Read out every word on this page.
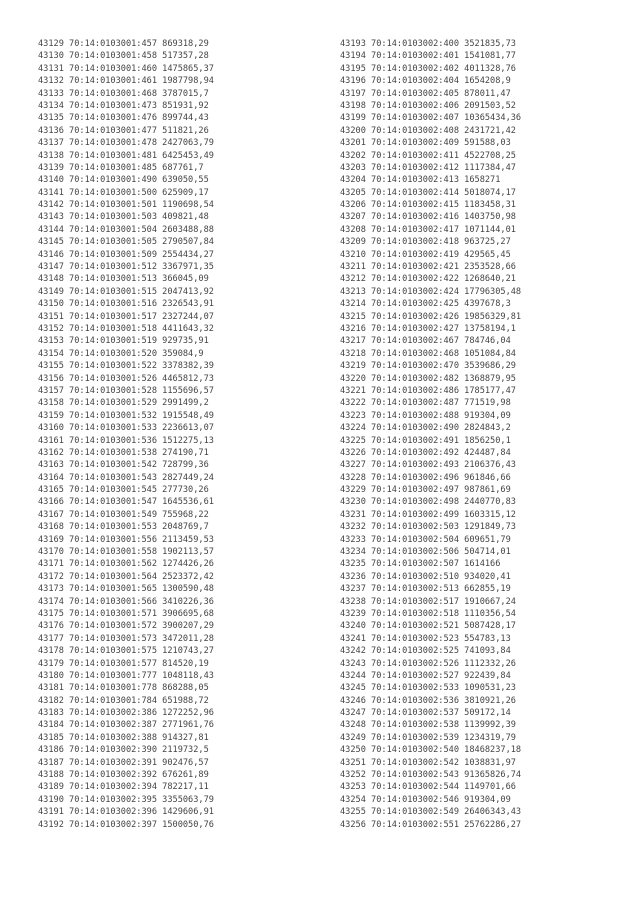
43129 70:14:0103001:457 869318,29
43130 70:14:0103001:458 517357,28
43131 70:14:0103001:460 1475865,37
43132 70:14:0103001:461 1987798,94
43133 70:14:0103001:468 3787015,7
43134 70:14:0103001:473 851931,92
43135 70:14:0103001:476 899744,43
43136 70:14:0103001:477 511821,26
43137 70:14:0103001:478 2427063,79
43138 70:14:0103001:481 6425453,49
43139 70:14:0103001:485 687761,7
43140 70:14:0103001:490 639050,55
43141 70:14:0103001:500 625909,17
43142 70:14:0103001:501 1190698,54
43143 70:14:0103001:503 409821,48
43144 70:14:0103001:504 2603488,88
43145 70:14:0103001:505 2790507,84
43146 70:14:0103001:509 2554434,27
43147 70:14:0103001:512 3367971,35
43148 70:14:0103001:513 366045,09
43149 70:14:0103001:515 2047413,92
43150 70:14:0103001:516 2326543,91
43151 70:14:0103001:517 2327244,07
43152 70:14:0103001:518 4411643,32
43153 70:14:0103001:519 929735,91
43154 70:14:0103001:520 359084,9
43155 70:14:0103001:522 3378382,39
43156 70:14:0103001:526 4465812,73
43157 70:14:0103001:528 1155696,57
43158 70:14:0103001:529 2991499,2
43159 70:14:0103001:532 1915548,49
43160 70:14:0103001:533 2236613,07
43161 70:14:0103001:536 1512275,13
43162 70:14:0103001:538 274190,71
43163 70:14:0103001:542 728799,36
43164 70:14:0103001:543 2827449,24
43165 70:14:0103001:545 277730,26
43166 70:14:0103001:547 1645536,61
43167 70:14:0103001:549 755968,22
43168 70:14:0103001:553 2048769,7
43169 70:14:0103001:556 2113459,53
43170 70:14:0103001:558 1902113,57
43171 70:14:0103001:562 1274426,26
43172 70:14:0103001:564 2523372,42
43173 70:14:0103001:565 1300590,48
43174 70:14:0103001:566 3410226,36
43175 70:14:0103001:571 3906695,68
43176 70:14:0103001:572 3900207,29
43177 70:14:0103001:573 3472011,28
43178 70:14:0103001:575 1210743,27
43179 70:14:0103001:577 814520,19
43180 70:14:0103001:777 1048118,43
43181 70:14:0103001:778 868288,05
43182 70:14:0103001:784 651988,72
43183 70:14:0103002:386 1272252,96
43184 70:14:0103002:387 2771961,76
43185 70:14:0103002:388 914327,81
43186 70:14:0103002:390 2119732,5
43187 70:14:0103002:391 902476,57
43188 70:14:0103002:392 676261,89
43189 70:14:0103002:394 782217,11
43190 70:14:0103002:395 3355063,79
43191 70:14:0103002:396 1429606,91
43192 70:14:0103002:397 1500050,76
43193 70:14:0103002:400 3521835,73
43194 70:14:0103002:401 1541081,77
43195 70:14:0103002:402 4011328,76
43196 70:14:0103002:404 1654208,9
43197 70:14:0103002:405 878011,47
43198 70:14:0103002:406 2091503,52
43199 70:14:0103002:407 10365434,36
43200 70:14:0103002:408 2431721,42
43201 70:14:0103002:409 591588,03
43202 70:14:0103002:411 4522708,25
43203 70:14:0103002:412 1117384,47
43204 70:14:0103002:413 1658271
43205 70:14:0103002:414 5018074,17
43206 70:14:0103002:415 1183458,31
43207 70:14:0103002:416 1403750,98
43208 70:14:0103002:417 1071144,01
43209 70:14:0103002:418 963725,27
43210 70:14:0103002:419 429565,45
43211 70:14:0103002:421 2353528,66
43212 70:14:0103002:422 1268640,21
43213 70:14:0103002:424 17796305,48
43214 70:14:0103002:425 4397678,3
43215 70:14:0103002:426 19856329,81
43216 70:14:0103002:427 13758194,1
43217 70:14:0103002:467 784746,04
43218 70:14:0103002:468 1051084,84
43219 70:14:0103002:470 3539686,29
43220 70:14:0103002:482 1368879,95
43221 70:14:0103002:486 1785177,47
43222 70:14:0103002:487 771519,98
43223 70:14:0103002:488 919304,09
43224 70:14:0103002:490 2824843,2
43225 70:14:0103002:491 1856250,1
43226 70:14:0103002:492 424487,84
43227 70:14:0103002:493 2106376,43
43228 70:14:0103002:496 961846,66
43229 70:14:0103002:497 987861,69
43230 70:14:0103002:498 2440770,83
43231 70:14:0103002:499 1603315,12
43232 70:14:0103002:503 1291849,73
43233 70:14:0103002:504 609651,79
43234 70:14:0103002:506 504714,01
43235 70:14:0103002:507 1614166
43236 70:14:0103002:510 934020,41
43237 70:14:0103002:513 662855,19
43238 70:14:0103002:517 1910667,24
43239 70:14:0103002:518 1110356,54
43240 70:14:0103002:521 5087428,17
43241 70:14:0103002:523 554783,13
43242 70:14:0103002:525 741093,84
43243 70:14:0103002:526 1112332,26
43244 70:14:0103002:527 922439,84
43245 70:14:0103002:533 1090531,23
43246 70:14:0103002:536 3810921,26
43247 70:14:0103002:537 509172,14
43248 70:14:0103002:538 1139992,39
43249 70:14:0103002:539 1234319,79
43250 70:14:0103002:540 18468237,18
43251 70:14:0103002:542 1038831,97
43252 70:14:0103002:543 91365826,74
43253 70:14:0103002:544 1149701,66
43254 70:14:0103002:546 919304,09
43255 70:14:0103002:549 26406343,43
43256 70:14:0103002:551 25762286,27
